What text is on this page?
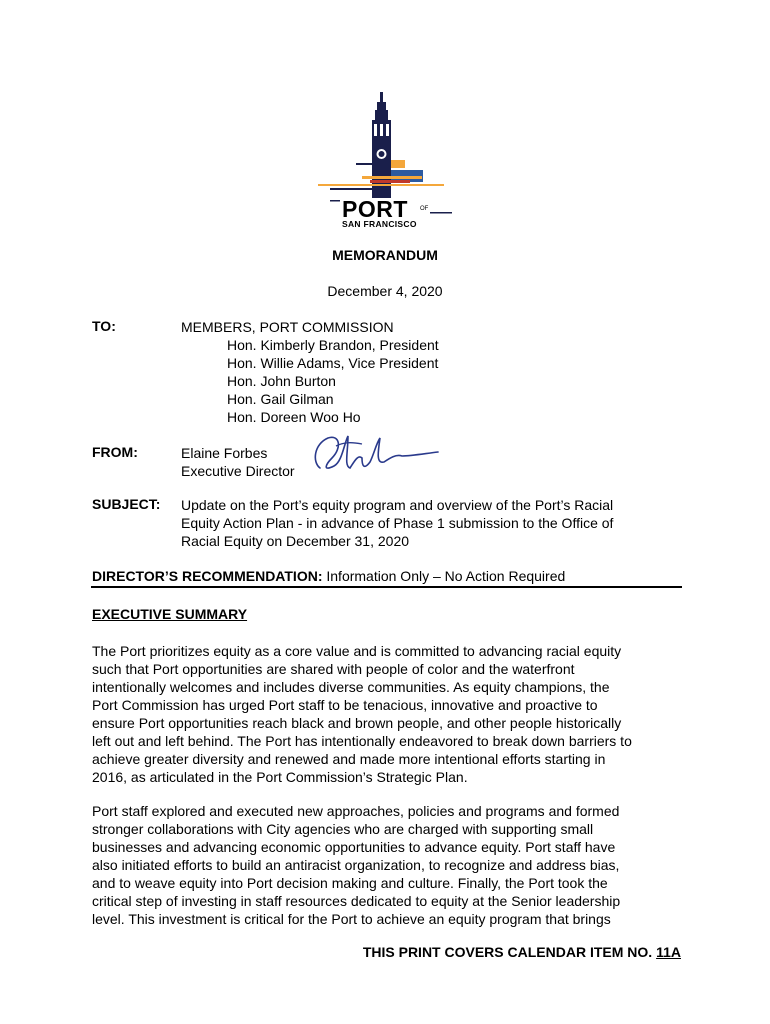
PORT OF
SAN FRANCISCO
MEMORANDUM
December 4, 2020
TO:	MEMBERS, PORT COMMISSION
Hon. Kimberly Brandon, President
Hon. Willie Adams, Vice President
Hon. John Burton
Hon. Gail Gilman
Hon. Doreen Woo Ho
FROM:	Elaine Forbes
Executive Director
SUBJECT: Update on the Port’s equity program and overview of the Port’s Racial
Equity Action Plan - in advance of Phase 1 submission to the Office of
Racial Equity on December 31, 2020
DIRECTOR’S RECOMMENDATION: Information Only – No Action Required
EXECUTIVE SUMMARY
The Port prioritizes equity as a core value and is committed to advancing racial equity
such that Port opportunities are shared with people of color and the waterfront
intentionally welcomes and includes diverse communities. As equity champions, the
Port Commission has urged Port staff to be tenacious, innovative and proactive to
ensure Port opportunities reach black and brown people, and other people historically
left out and left behind. The Port has intentionally endeavored to break down barriers to
achieve greater diversity and renewed and made more intentional efforts starting in
2016, as articulated in the Port Commission’s Strategic Plan.
Port staff explored and executed new approaches, policies and programs and formed
stronger collaborations with City agencies who are charged with supporting small
businesses and advancing economic opportunities to advance equity. Port staff have
also initiated efforts to build an antiracist organization, to recognize and address bias,
and to weave equity into Port decision making and culture. Finally, the Port took the
critical step of investing in staff resources dedicated to equity at the Senior leadership
level. This investment is critical for the Port to achieve an equity program that brings
THIS PRINT COVERS CALENDAR ITEM NO. 11A
